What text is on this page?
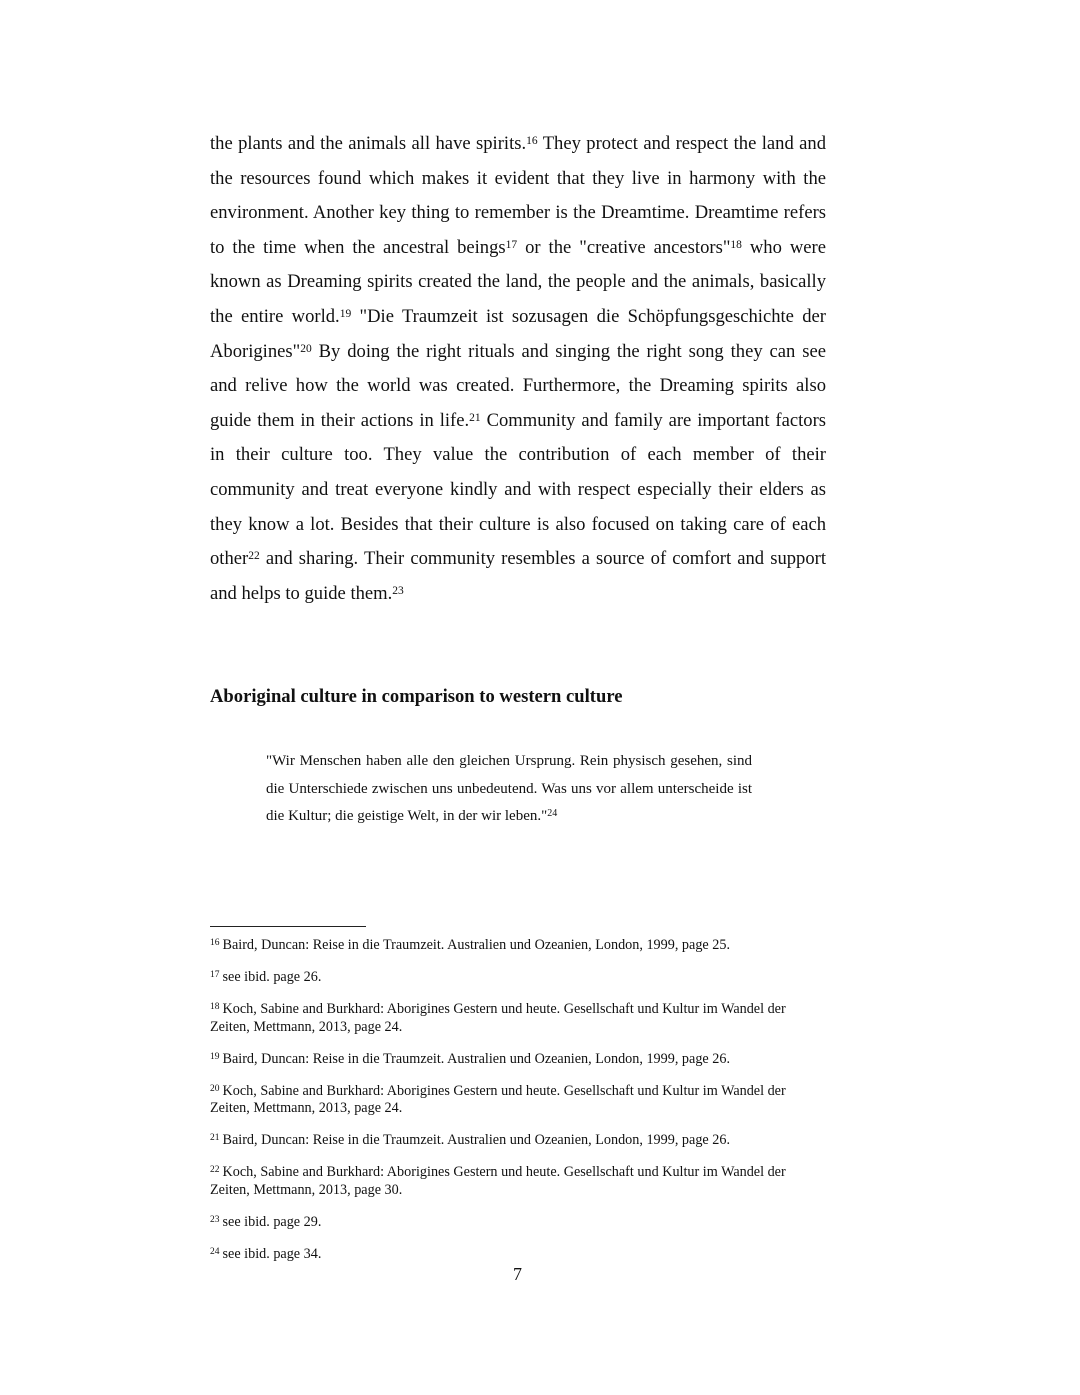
the plants and the animals all have spirits.$^{16}$ They protect and respect the land and the resources found which makes it evident that they live in harmony with the environment. Another key thing to remember is the Dreamtime. Dreamtime refers to the time when the ancestral beings$^{17}$ or the "creative ancestors"$^{18}$ who were known as Dreaming spirits created the land, the people and the animals, basically the entire world.$^{19}$ "Die Traumzeit ist sozusagen die Schöpfungsgeschichte der Aborigines"$^{20}$ By doing the right rituals and singing the right song they can see and relive how the world was created. Furthermore, the Dreaming spirits also guide them in their actions in life.$^{21}$ Community and family are important factors in their culture too. They value the contribution of each member of their community and treat everyone kindly and with respect especially their elders as they know a lot. Besides that their culture is also focused on taking care of each other$^{22}$ and sharing. Their community resembles a source of comfort and support and helps to guide them.$^{23}$

Aboriginal culture in comparison to western culture
"Wir Menschen haben alle den gleichen Ursprung. Rein physisch gesehen, sind die Unterschiede zwischen uns unbedeutend. Was uns vor allem unterscheide ist die Kultur; die geistige Welt, in der wir leben."$^{24}$

$^{16}$ Baird, Duncan: Reise in die Traumzeit. Australien und Ozeanien, London, 1999, page 25.

$^{17}$ see ibid. page 26.

$^{18}$ Koch, Sabine and Burkhard: Aborigines Gestern und heute. Gesellschaft und Kultur im Wandel der Zeiten, Mettmann, 2013, page 24.

$^{19}$ Baird, Duncan: Reise in die Traumzeit. Australien und Ozeanien, London, 1999, page 26.

$^{20}$ Koch, Sabine and Burkhard: Aborigines Gestern und heute. Gesellschaft und Kultur im Wandel der Zeiten, Mettmann, 2013, page 24.

$^{21}$ Baird, Duncan: Reise in die Traumzeit. Australien und Ozeanien, London, 1999, page 26.

$^{22}$ Koch, Sabine and Burkhard: Aborigines Gestern und heute. Gesellschaft und Kultur im Wandel der Zeiten, Mettmann, 2013, page 30.

$^{23}$ see ibid. page 29.

$^{24}$ see ibid. page 34.

7
